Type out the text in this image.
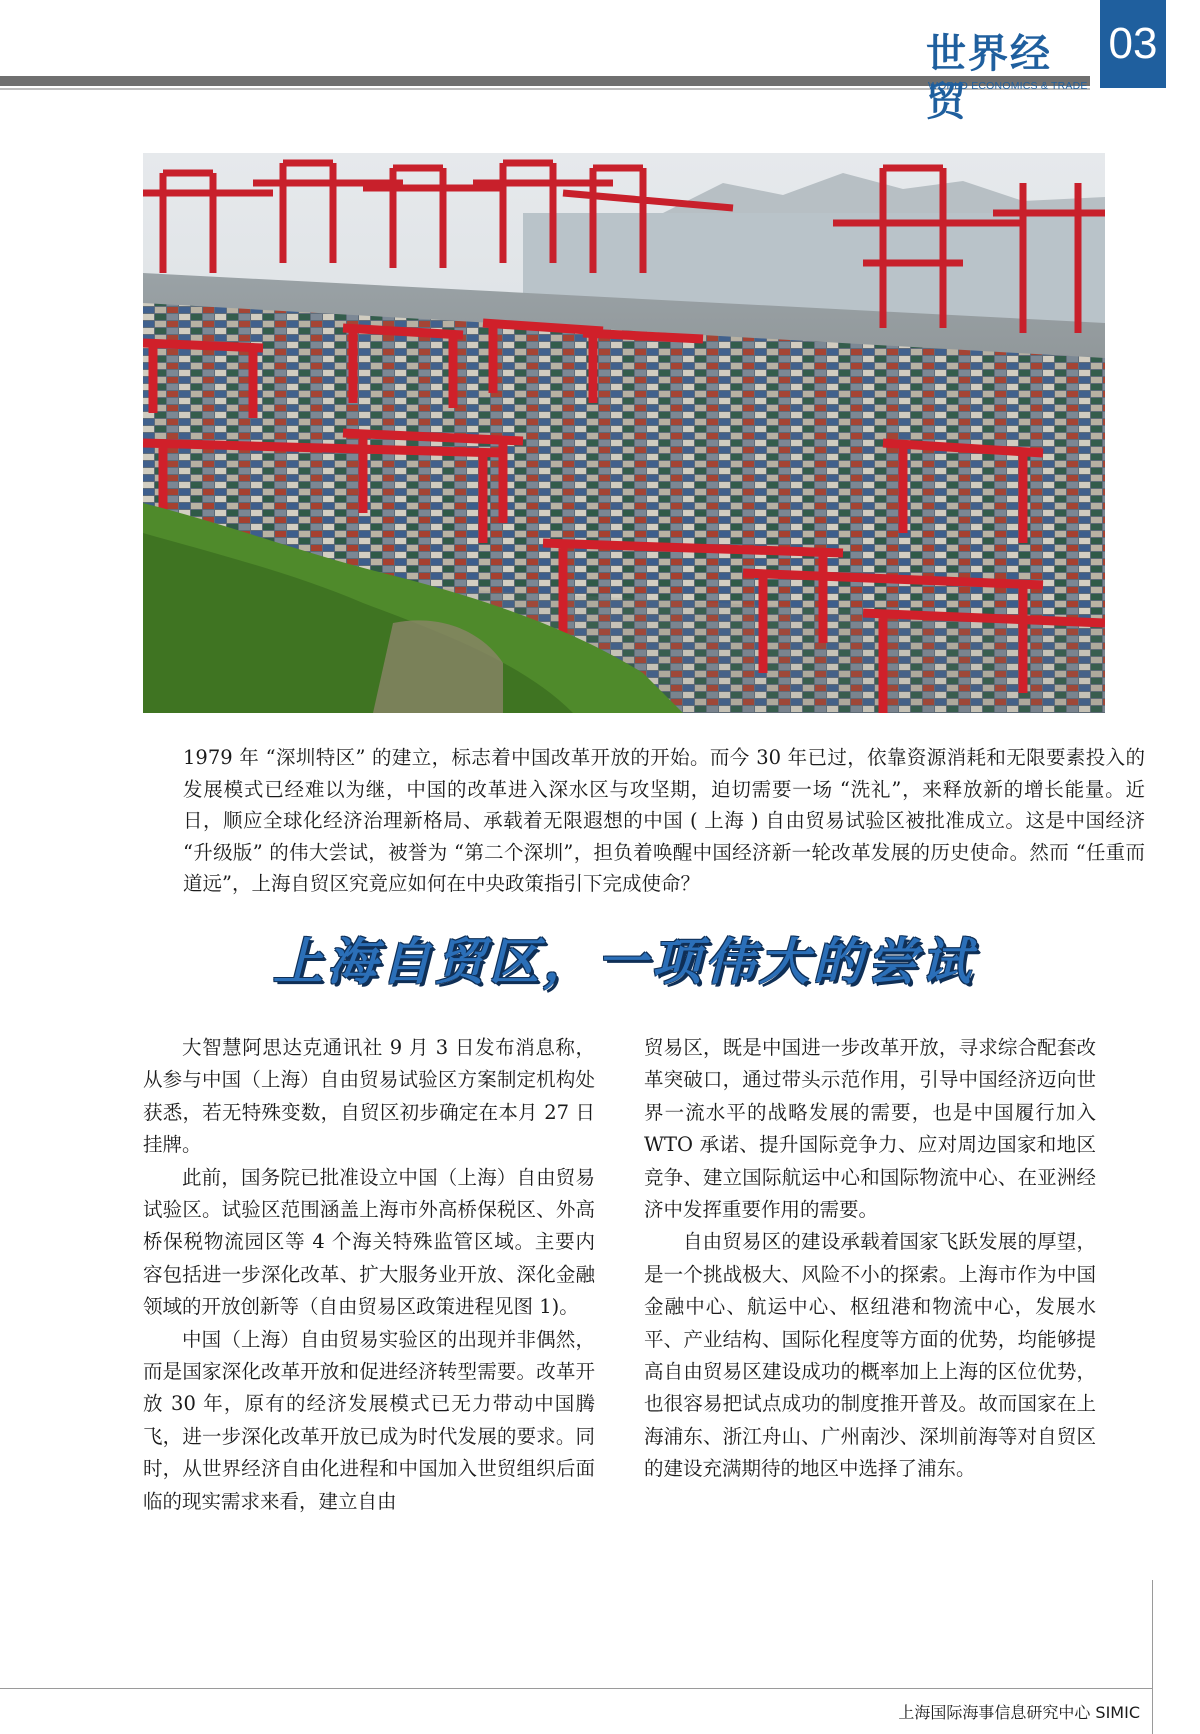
世界经贸
WORLD ECONOMICS & TRADE
03

1979 年 “深圳特区” 的建立，标志着中国改革开放的开始。而今 30 年已过，依靠资源消耗和无限要素投入的发展模式已经难以为继，中国的改革进入深水区与攻坚期，迫切需要一场 “洗礼”，来释放新的增长能量。近日，顺应全球化经济治理新格局、承载着无限遐想的中国 ( 上海 ) 自由贸易试验区被批准成立。这是中国经济 “升级版” 的伟大尝试，被誉为 “第二个深圳”，担负着唤醒中国经济新一轮改革发展的历史使命。然而 “任重而道远”，上海自贸区究竟应如何在中央政策指引下完成使命？

上海自贸区，一项伟大的尝试

大智慧阿思达克通讯社 9 月 3 日发布消息称，从参与中国（上海）自由贸易试验区方案制定机构处获悉，若无特殊变数，自贸区初步确定在本月 27 日挂牌。

此前，国务院已批准设立中国（上海）自由贸易试验区。试验区范围涵盖上海市外高桥保税区、外高桥保税物流园区等 4 个海关特殊监管区域。主要内容包括进一步深化改革、扩大服务业开放、深化金融领域的开放创新等（自由贸易区政策进程见图 1)。

中国（上海）自由贸易实验区的出现并非偶然，而是国家深化改革开放和促进经济转型需要。改革开放 30 年，原有的经济发展模式已无力带动中国腾飞，进一步深化改革开放已成为时代发展的要求。同时，从世界经济自由化进程和中国加入世贸组织后面临的现实需求来看，建立自由

贸易区，既是中国进一步改革开放，寻求综合配套改革突破口，通过带头示范作用，引导中国经济迈向世界一流水平的战略发展的需要，也是中国履行加入 WTO 承诺、提升国际竞争力、应对周边国家和地区竞争、建立国际航运中心和国际物流中心、在亚洲经济中发挥重要作用的需要。

自由贸易区的建设承载着国家飞跃发展的厚望，是一个挑战极大、风险不小的探索。上海市作为中国金融中心、航运中心、枢纽港和物流中心，发展水平、产业结构、国际化程度等方面的优势，均能够提高自由贸易区建设成功的概率加上上海的区位优势，也很容易把试点成功的制度推开普及。故而国家在上海浦东、浙江舟山、广州南沙、深圳前海等对自贸区的建设充满期待的地区中选择了浦东。

上海国际海事信息研究中心 SIMIC
